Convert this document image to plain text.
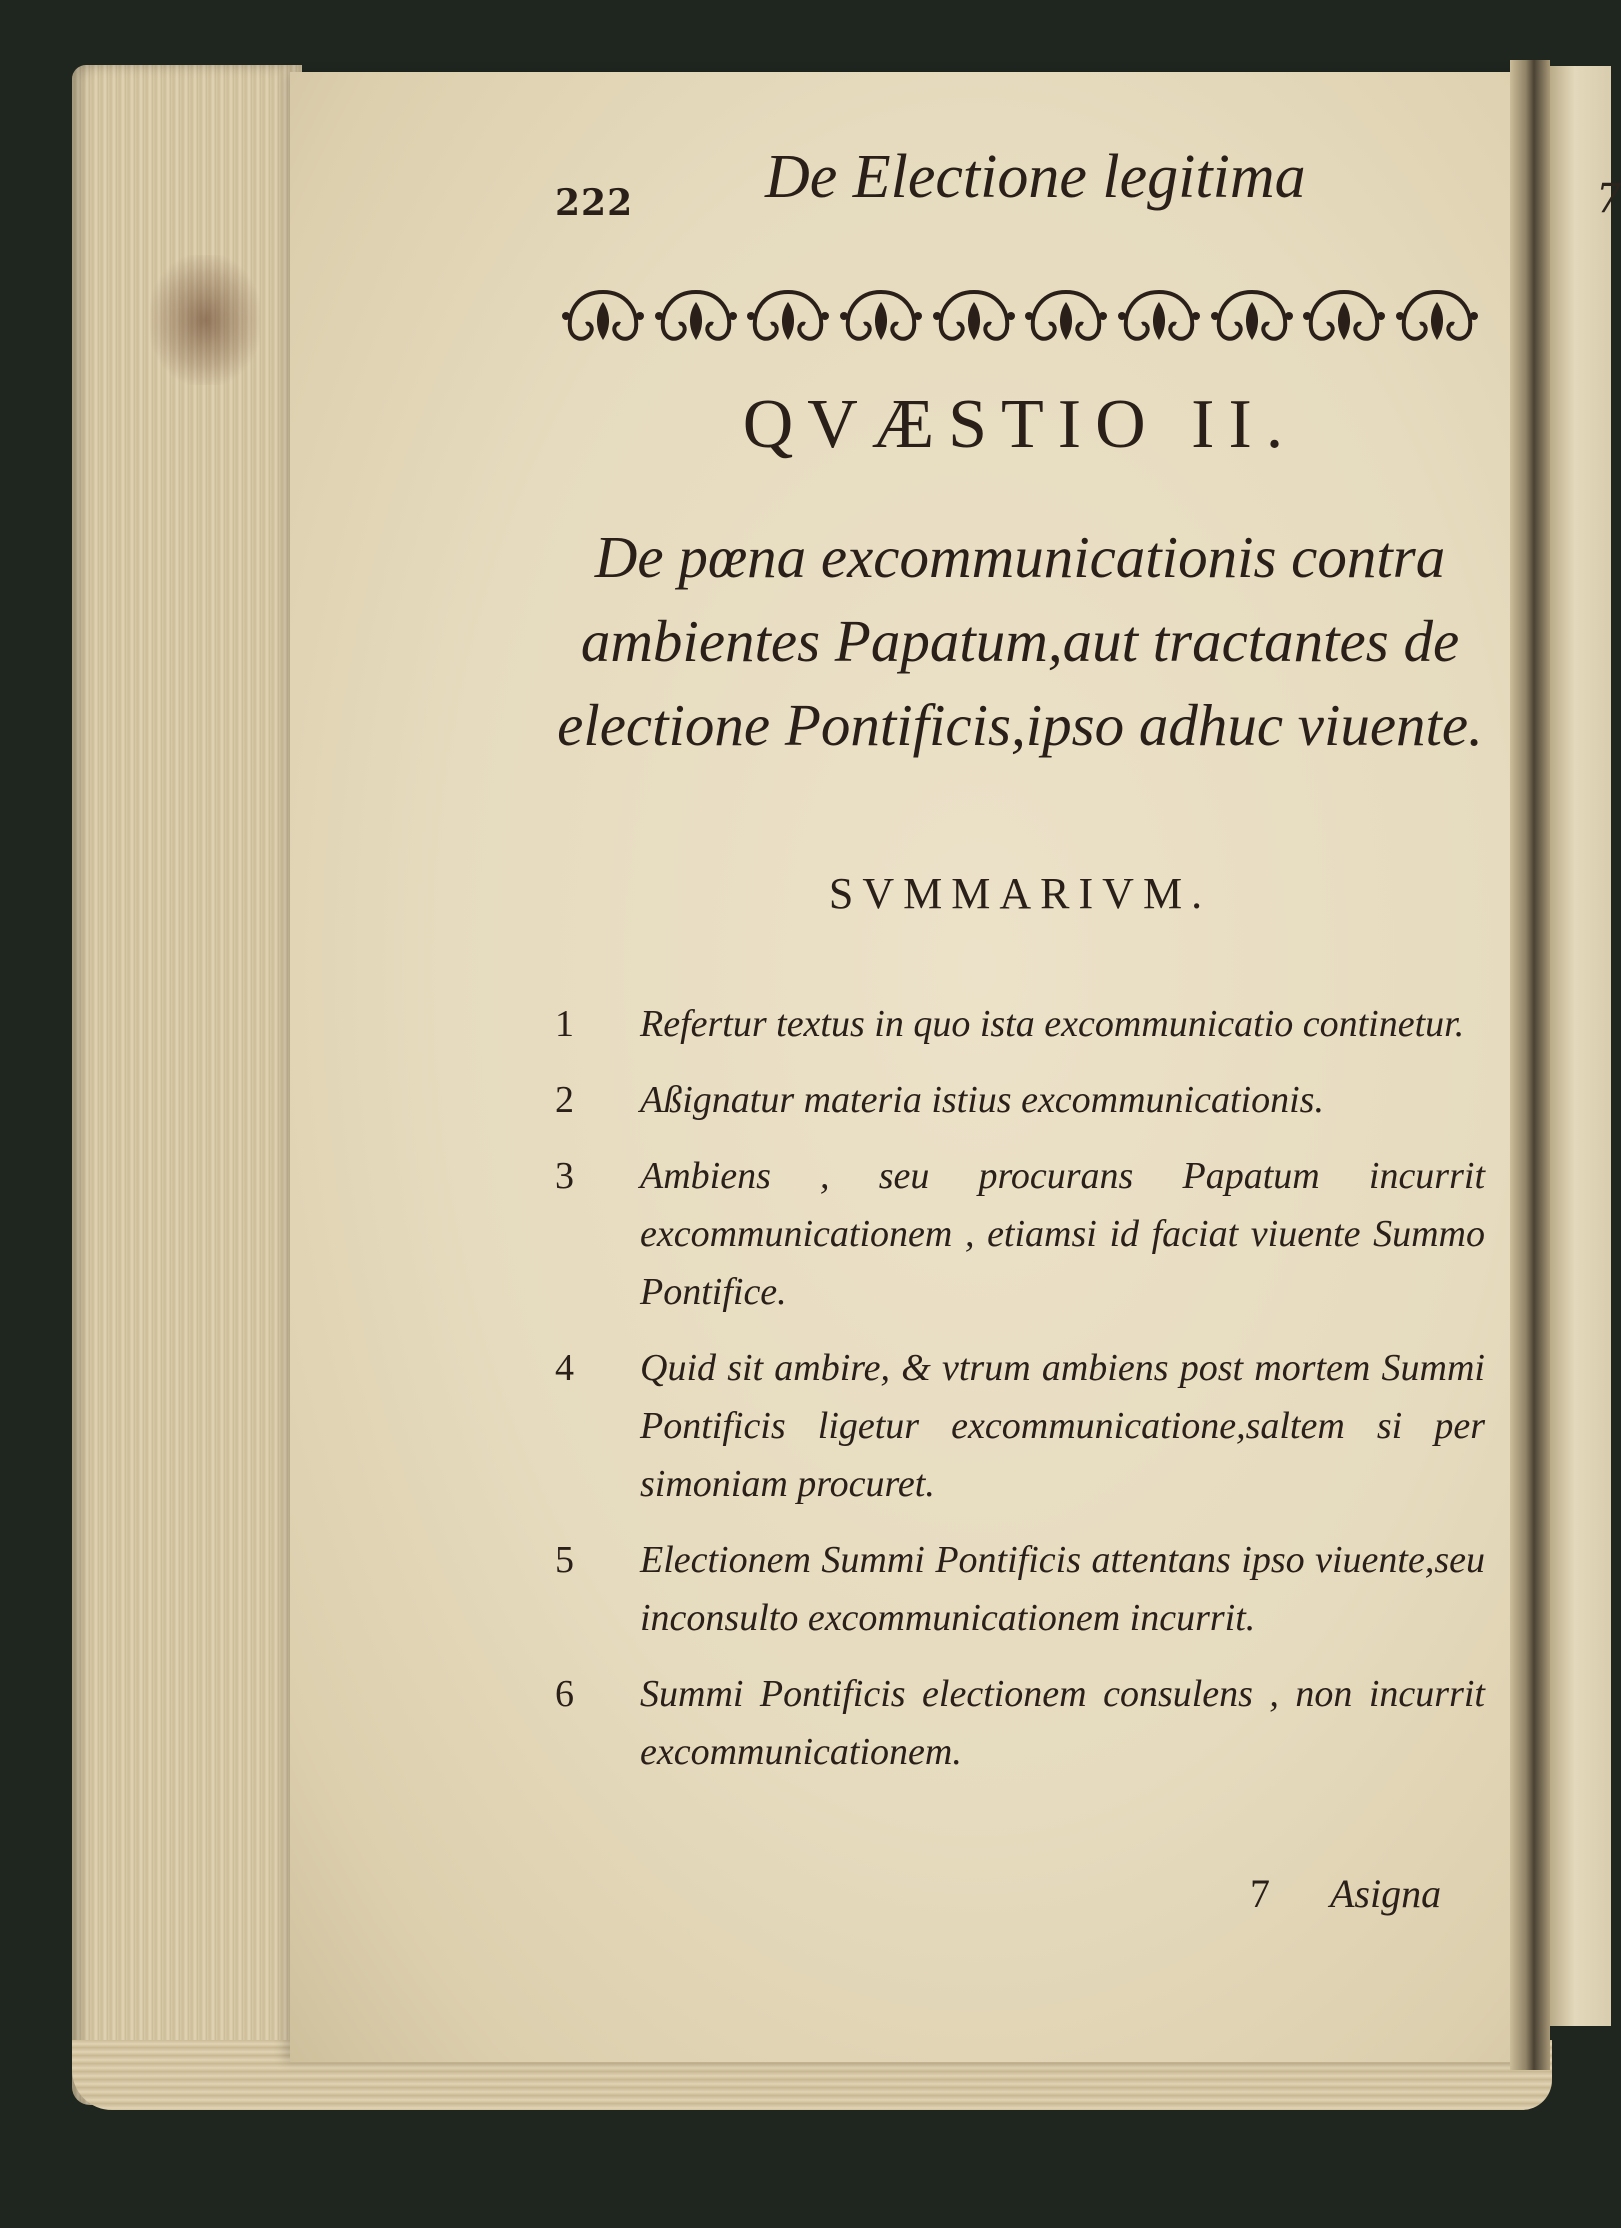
7
222 De Electione legitima
QVÆSTIO II.
De pœna excommunicationis contra ambientes Papatum,aut tractantes de electione Pontificis,ipso adhuc viuente.
SVMMARIVM.
1	Refertur textus in quo ista excommunicatio continetur.
2	Aßignatur materia istius excommunicationis.
3	Ambiens , seu procurans Papatum incurrit excommunicationem , etiamsi id faciat viuente Summo Pontifice.
4	Quid sit ambire, & vtrum ambiens post mortem Summi Pontificis ligetur excommunicatione,saltem si per simoniam procuret.
5	Electionem Summi Pontificis attentans ipso viuente,seu inconsulto excommunicationem incurrit.
6	Summi Pontificis electionem consulens , non incurrit excommunicationem.
7 Asigna
